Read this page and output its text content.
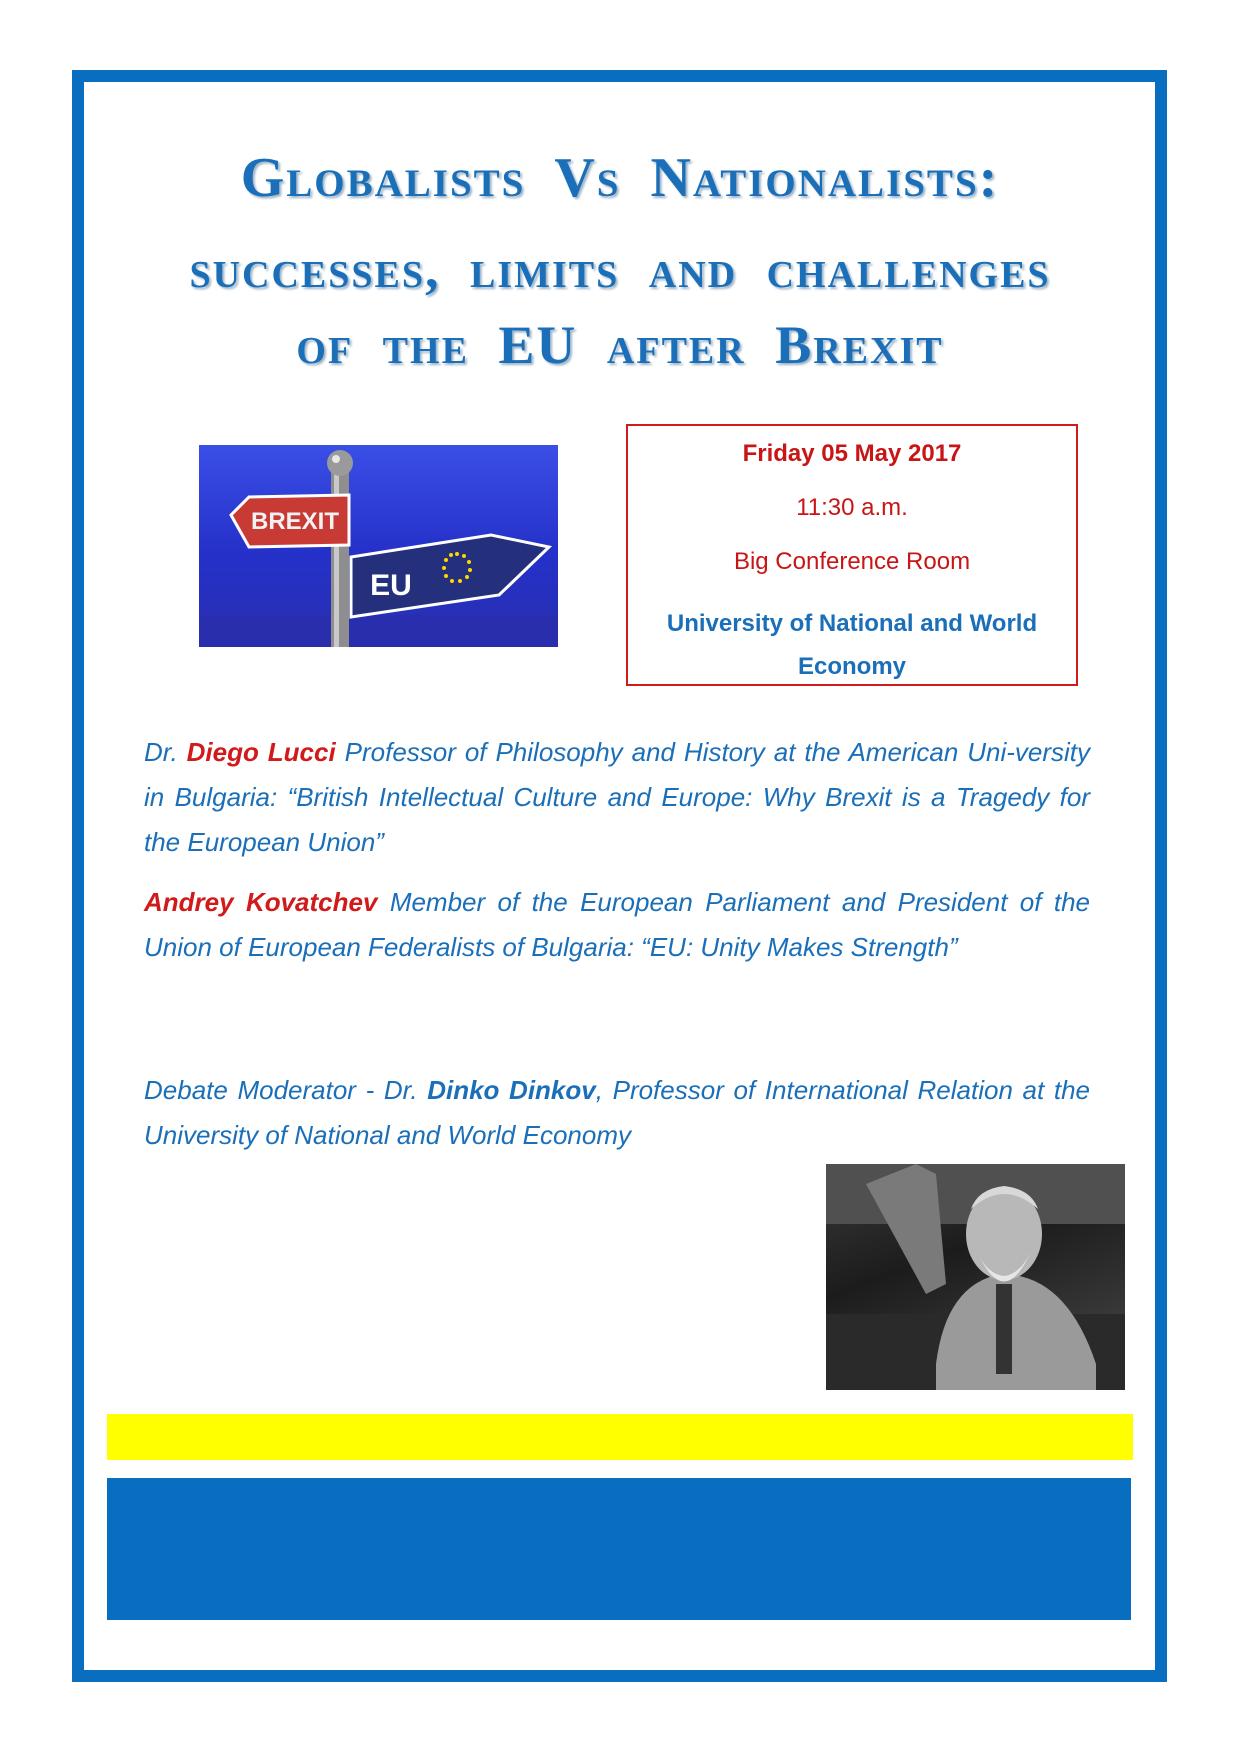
Globalists Vs Nationalists:
successes, limits and challenges
of the EU after Brexit
BREXIT
EU
Friday 05 May 2017
11:30 a.m.
Big Conference Room
University of National and World Economy

Dr. Diego Lucci Professor of Philosophy and History at the American Uni-versity in Bulgaria: “British Intellectual Culture and Europe: Why Brexit is a Tragedy for the European Union”

Andrey Kovatchev Member of the European Parliament and President of the Union of European Federalists of Bulgaria: “EU: Unity Makes Strength”

Debate Moderator - Dr. Dinko Dinkov, Professor of International Relation at the University of National and World Economy
